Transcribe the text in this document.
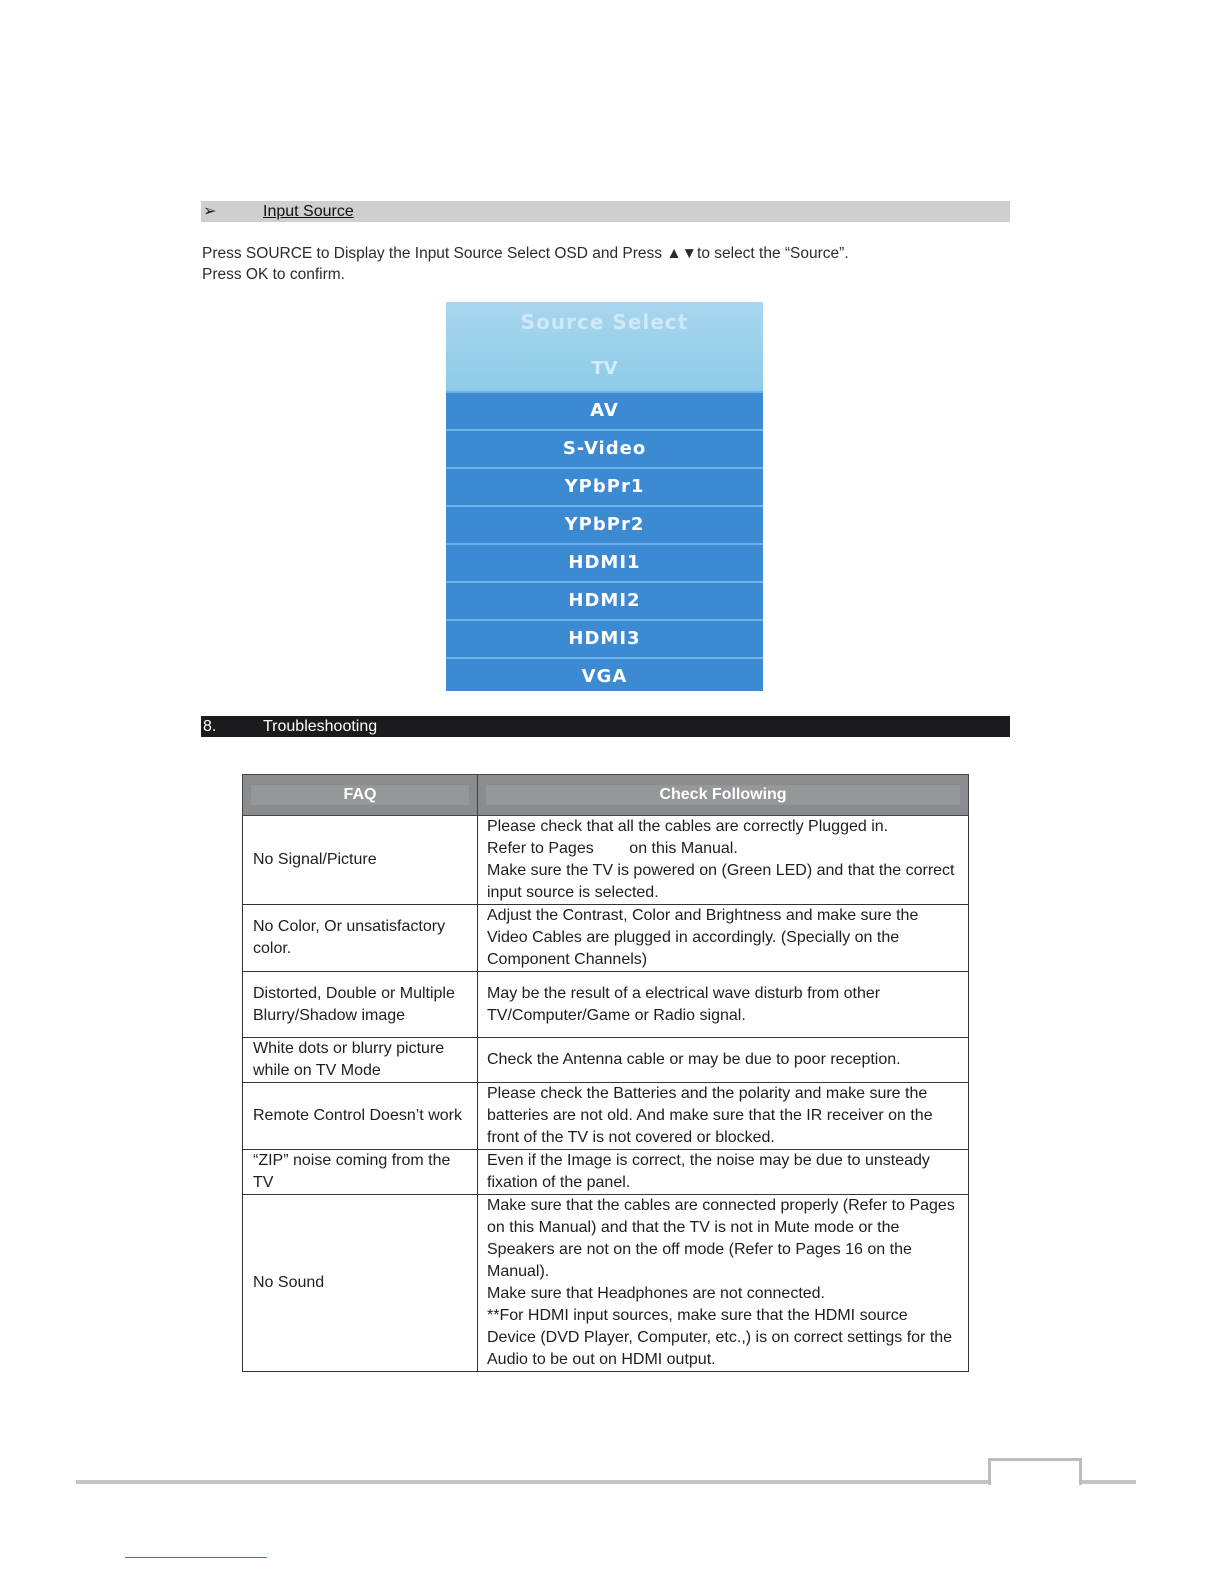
➢	Input Source

Press SOURCE to Display the Input Source Select OSD and Press ▲▼to select the “Source”.

Press OK to confirm.

Source Select
TV
AV
S-Video
YPbPr1
YPbPr2
HDMI1
HDMI2
HDMI3
VGA
8.	Troubleshooting
FAQ	Check Following

No Signal/Picture	Please check that all the cables are correctly Plugged in.

Refer to Pages        on this Manual.

Make sure the TV is powered on (Green LED) and that the correct input source is selected.

No Color, Or unsatisfactory color.	Adjust the Contrast, Color and Brightness and make sure the Video Cables are plugged in accordingly. (Specially on the Component Channels)

Distorted, Double or Multiple Blurry/Shadow image	May be the result of a electrical wave disturb from other TV/Computer/Game or Radio signal.

White dots or blurry picture while on TV Mode	Check the Antenna cable or may be due to poor reception.

Remote Control Doesn’t work	Please check the Batteries and the polarity and make sure the batteries are not old. And make sure that the IR receiver on the front of the TV is not covered or blocked.

“ZIP” noise coming from the TV	Even if the Image is correct, the noise may be due to unsteady fixation of the panel.

No Sound	Make sure that the cables are connected properly (Refer to Pages on this Manual) and that the TV is not in Mute mode or the Speakers are not on the off mode (Refer to Pages 16 on the Manual).

Make sure that Headphones are not connected.

**For HDMI input sources, make sure that the HDMI source Device (DVD Player, Computer, etc.,) is on correct settings for the Audio to be out on HDMI output.
